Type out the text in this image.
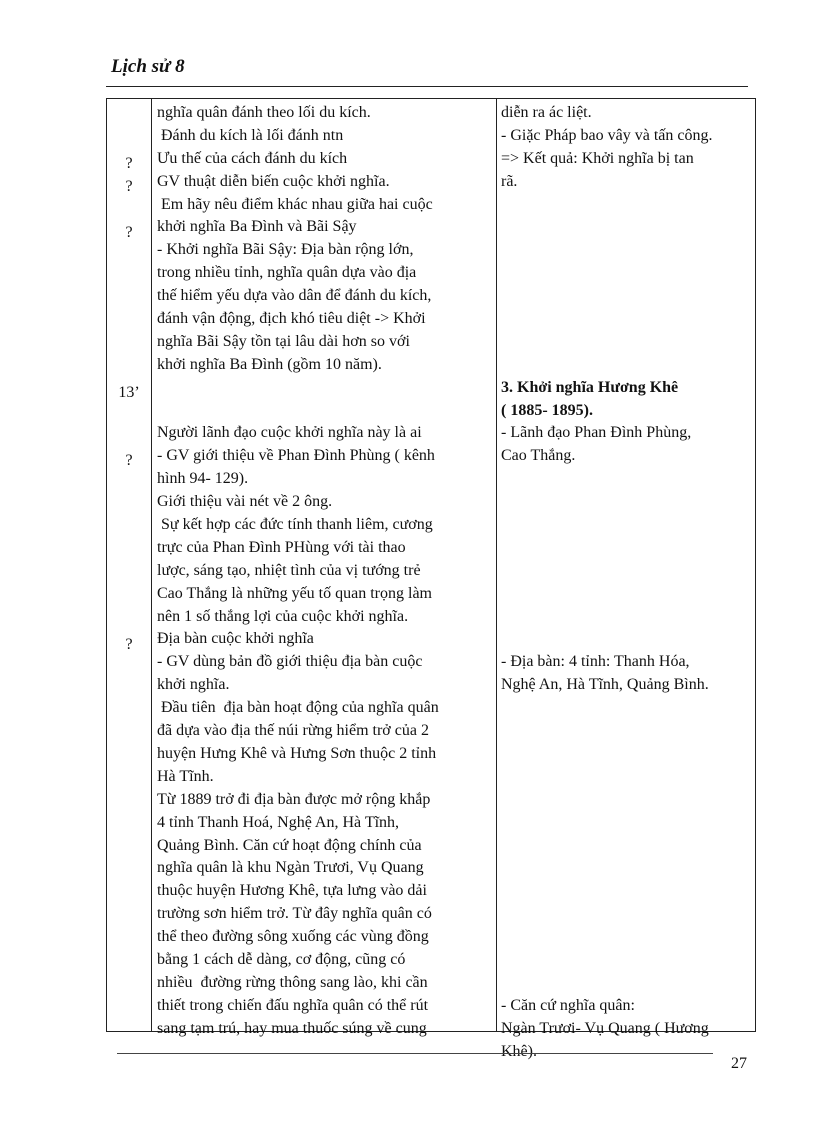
Lịch sử 8
?
?
?
13’
?
?
nghĩa quân đánh theo lối du kích.
Đánh du kích là lối đánh ntn
Ưu thế của cách đánh du kích
GV thuật diễn biến cuộc khởi nghĩa.
Em hãy nêu điểm khác nhau giữa hai cuộc
khởi nghĩa Ba Đình và Bãi Sậy
- Khởi nghĩa Bãi Sậy: Địa bàn rộng lớn,
trong nhiều tỉnh, nghĩa quân dựa vào địa
thế hiểm yếu dựa vào dân để đánh du kích,
đánh vận động, địch khó tiêu diệt -> Khởi
nghĩa Bãi Sậy tồn tại lâu dài hơn so với
khởi nghĩa Ba Đình (gồm 10 năm).
Người lãnh đạo cuộc khởi nghĩa này là ai
- GV giới thiệu về Phan Đình Phùng ( kênh
hình 94- 129).
Giới thiệu vài nét về 2 ông.
Sự kết hợp các đức tính thanh liêm, cương
trực của Phan Đình PHùng với tài thao
lược, sáng tạo, nhiệt tình của vị tướng trẻ
Cao Thắng là những yếu tố quan trọng làm
nên 1 số thắng lợi của cuộc khởi nghĩa.
Địa bàn cuộc khởi nghĩa
- GV dùng bản đồ giới thiệu địa bàn cuộc
khởi nghĩa.
Đầu tiên  địa bàn hoạt động của nghĩa quân
đã dựa vào địa thế núi rừng hiểm trở của 2
huyện Hưng Khê và Hưng Sơn thuộc 2 tỉnh
Hà Tĩnh.
Từ 1889 trở đi địa bàn được mở rộng khắp
4 tỉnh Thanh Hoá, Nghệ An, Hà Tĩnh,
Quảng Bình. Căn cứ hoạt động chính của
nghĩa quân là khu Ngàn Trươi, Vụ Quang
thuộc huyện Hương Khê, tựa lưng vào dải
trường sơn hiểm trở. Từ đây nghĩa quân có
thể theo đường sông xuống các vùng đồng
bằng 1 cách dễ dàng, cơ động, cũng có
nhiều  đường rừng thông sang lào, khi cần
thiết trong chiến đấu nghĩa quân có thể rút
sang tạm trú, hay mua thuốc súng về cung
diễn ra ác liệt.
- Giặc Pháp bao vây và tấn công.
=> Kết quả: Khởi nghĩa bị tan
rã.
3. Khởi nghĩa Hương Khê
( 1885- 1895).
- Lãnh đạo Phan Đình Phùng,
Cao Thắng.
- Địa bàn: 4 tỉnh: Thanh Hóa,
Nghệ An, Hà Tĩnh, Quảng Bình.
- Căn cứ nghĩa quân:
Ngàn Trươi- Vụ Quang ( Hương
Khê).
27
